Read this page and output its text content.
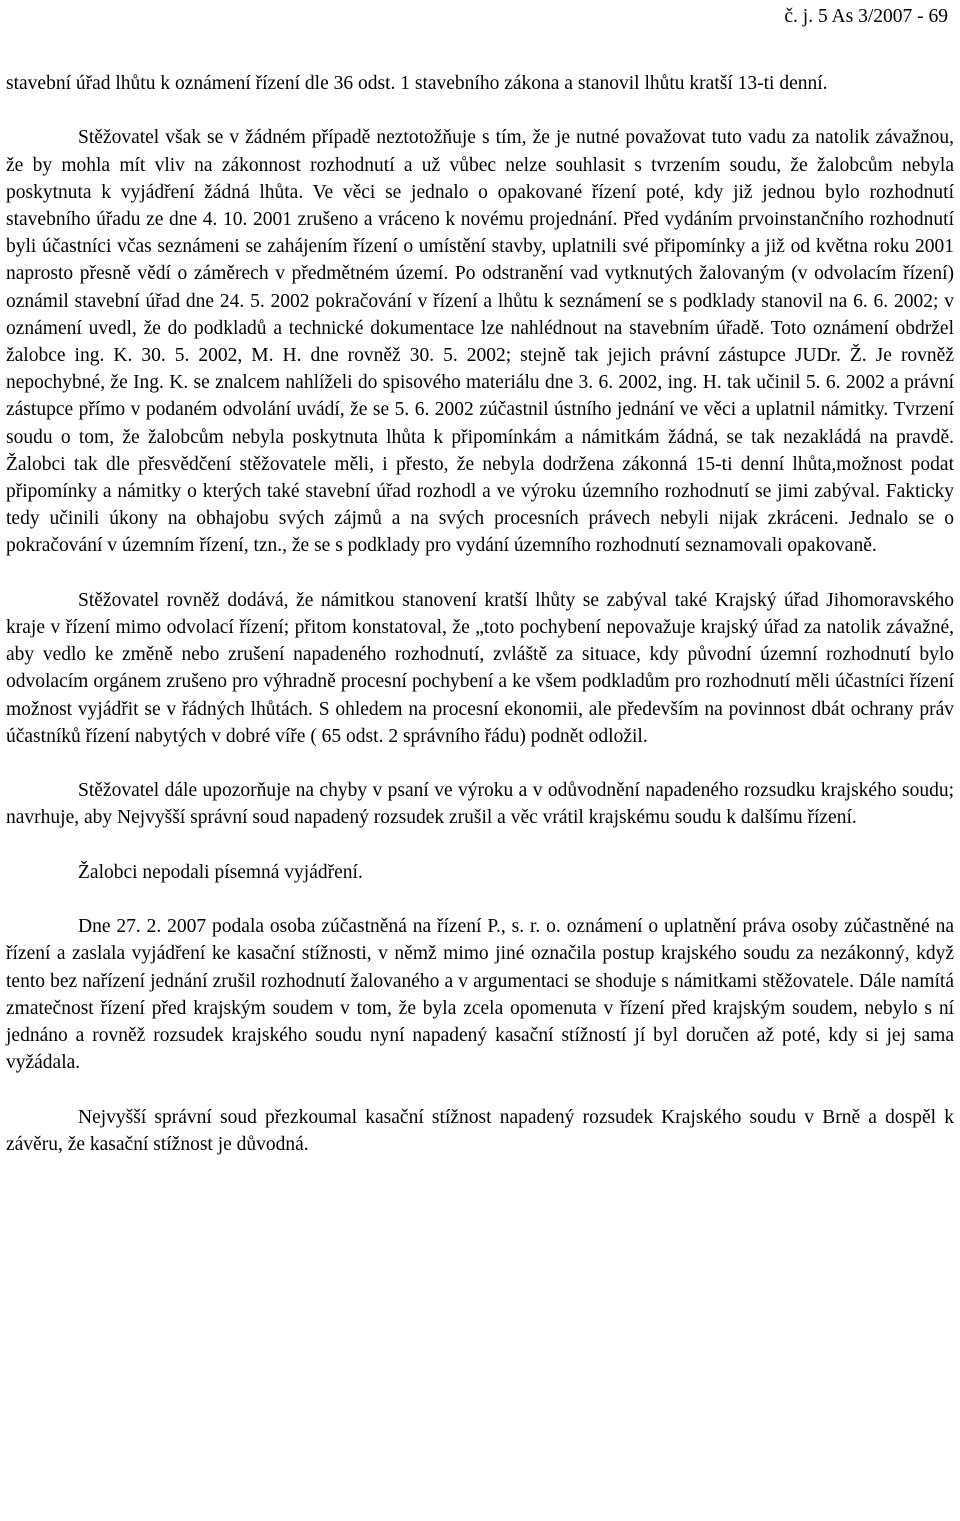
č. j. 5 As 3/2007 - 69

stavební úřad lhůtu k oznámení řízení dle 36 odst. 1 stavebního zákona a stanovil lhůtu kratší 13-ti denní.

Stěžovatel však se v žádném případě neztotožňuje s tím, že je nutné považovat tuto vadu za natolik závažnou, že by mohla mít vliv na zákonnost rozhodnutí a už vůbec nelze souhlasit s tvrzením soudu, že žalobcům nebyla poskytnuta k vyjádření žádná lhůta. Ve věci se jednalo o opakované řízení poté, kdy již jednou bylo rozhodnutí stavebního úřadu ze dne 4. 10. 2001 zrušeno a vráceno k novému projednání. Před vydáním prvoinstančního rozhodnutí byli účastníci včas seznámeni se zahájením řízení o umístění stavby, uplatnili své připomínky a již od května roku 2001 naprosto přesně vědí o záměrech v předmětném území. Po odstranění vad vytknutých žalovaným (v odvolacím řízení) oznámil stavební úřad dne 24. 5. 2002 pokračování v řízení a lhůtu k seznámení se s podklady stanovil na 6. 6. 2002; v oznámení uvedl, že do podkladů a technické dokumentace lze nahlédnout na stavebním úřadě. Toto oznámení obdržel žalobce ing. K. 30. 5. 2002, M. H. dne rovněž 30. 5. 2002; stejně tak jejich právní zástupce JUDr. Ž. Je rovněž nepochybné, že Ing. K. se znalcem nahlíželi do spisového materiálu dne 3. 6. 2002, ing. H. tak učinil 5. 6. 2002 a právní zástupce přímo v podaném odvolání uvádí, že se 5. 6. 2002 zúčastnil ústního jednání ve věci a uplatnil námitky. Tvrzení soudu o tom, že žalobcům nebyla poskytnuta lhůta k připomínkám a námitkám žádná, se tak nezakládá na pravdě. Žalobci tak dle přesvědčení stěžovatele měli, i přesto, že nebyla dodržena zákonná 15-ti denní lhůta,možnost podat připomínky a námitky o kterých také stavební úřad rozhodl a ve výroku územního rozhodnutí se jimi zabýval. Fakticky tedy učinili úkony na obhajobu svých zájmů a na svých procesních právech nebyli nijak zkráceni. Jednalo se o pokračování v územním řízení, tzn., že se s podklady pro vydání územního rozhodnutí seznamovali opakovaně.

Stěžovatel rovněž dodává, že námitkou stanovení kratší lhůty se zabýval také Krajský úřad Jihomoravského kraje v řízení mimo odvolací řízení; přitom konstatoval, že „toto pochybení nepovažuje krajský úřad za natolik závažné, aby vedlo ke změně nebo zrušení napadeného rozhodnutí, zvláště za situace, kdy původní územní rozhodnutí bylo odvolacím orgánem zrušeno pro výhradně procesní pochybení a ke všem podkladům pro rozhodnutí měli účastníci řízení možnost vyjádřit se v řádných lhůtách. S ohledem na procesní ekonomii, ale především na povinnost dbát ochrany práv účastníků řízení nabytých v dobré víře ( 65 odst. 2 správního řádu) podnět odložil.

Stěžovatel dále upozorňuje na chyby v psaní ve výroku a v odůvodnění napadeného rozsudku krajského soudu; navrhuje, aby Nejvyšší správní soud napadený rozsudek zrušil a věc vrátil krajskému soudu k dalšímu řízení.

Žalobci nepodali písemná vyjádření.

Dne 27. 2. 2007 podala osoba zúčastněná na řízení P., s. r. o. oznámení o uplatnění práva osoby zúčastněné na řízení a zaslala vyjádření ke kasační stížnosti, v němž mimo jiné označila postup krajského soudu za nezákonný, když tento bez nařízení jednání zrušil rozhodnutí žalovaného a v argumentaci se shoduje s námitkami stěžovatele. Dále namítá zmatečnost řízení před krajským soudem v tom, že byla zcela opomenuta v řízení před krajským soudem, nebylo s ní jednáno a rovněž rozsudek krajského soudu nyní napadený kasační stížností jí byl doručen až poté, kdy si jej sama vyžádala.

Nejvyšší správní soud přezkoumal kasační stížnost napadený rozsudek Krajského soudu v Brně a dospěl k závěru, že kasační stížnost je důvodná.
